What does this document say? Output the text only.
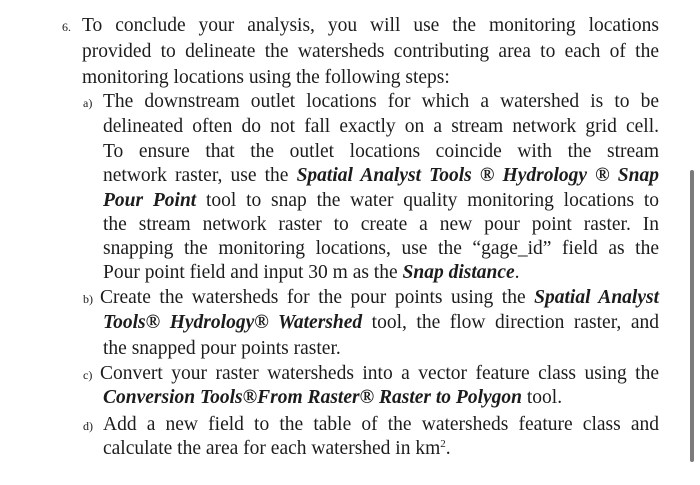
6. To conclude your analysis, you will use the monitoring locations
provided to delineate the watersheds contributing area to each of the
monitoring locations using the following steps:
a) The downstream outlet locations for which a watershed is to be
delineated often do not fall exactly on a stream network grid cell.
To ensure that the outlet locations coincide with the stream
network raster, use the Spatial Analyst Tools ® Hydrology ® Snap
Pour Point tool to snap the water quality monitoring locations to
the stream network raster to create a new pour point raster. In
snapping the monitoring locations, use the “gage_id” field as the
Pour point field and input 30 m as the Snap distance.
b) Create the watersheds for the pour points using the Spatial Analyst
Tools® Hydrology® Watershed tool, the flow direction raster, and
the snapped pour points raster.
c) Convert your raster watersheds into a vector feature class using the
Conversion Tools®From Raster® Raster to Polygon tool.
d) Add a new field to the table of the watersheds feature class and
calculate the area for each watershed in $km^2$.
